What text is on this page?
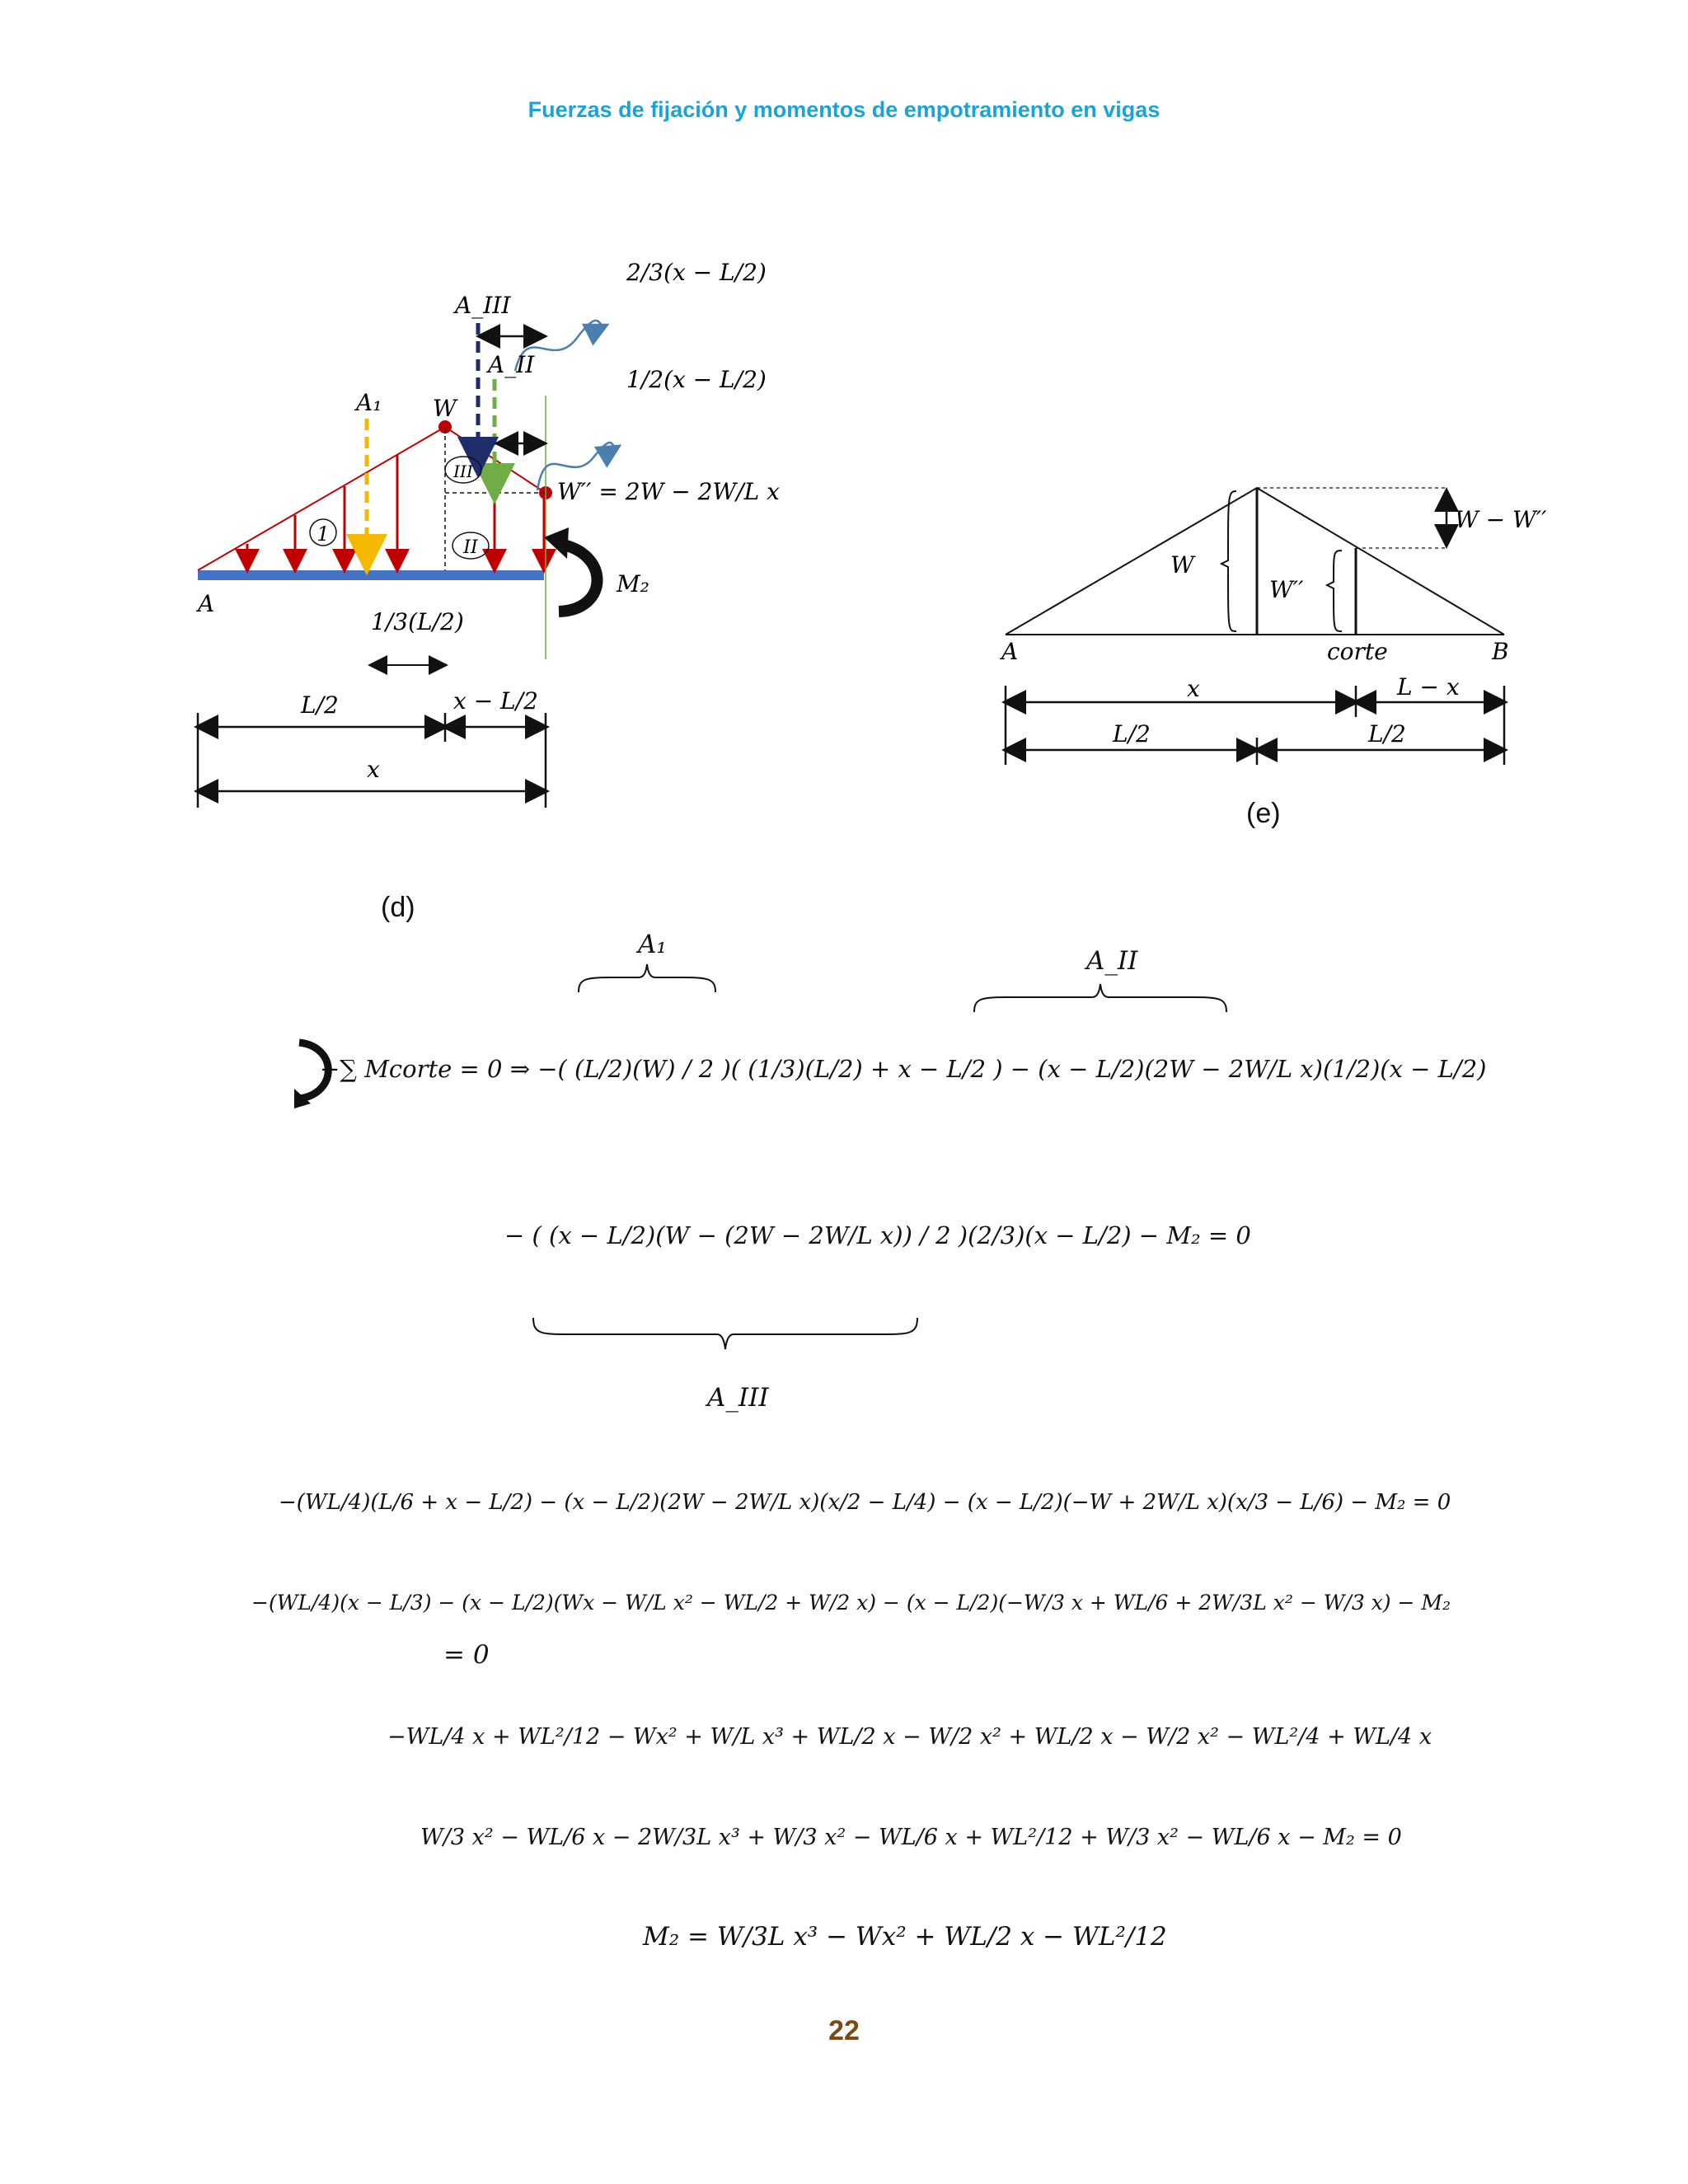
Fuerzas de fijación y momentos de empotramiento en vigas
1
II
III
A₁ W
A_III
A_II
A
M₂
2/3(x − L/2)
1/2(x − L/2)
W′′ = 2W − 2W/L x
1/3(L/2)
L/2	x − L/2
x
(d)
W
W′′
W − W′′
A	B
corte
x	L − x
L/2	L/2
(e)
A₁
A_II
+∑ Mcorte = 0 ⇒ −( (L/2)(W) / 2 )( (1/3)(L/2) + x − L/2 ) − (x − L/2)(2W − 2W/L x)(1/2)(x − L/2)
− ( (x − L/2)(W − (2W − 2W/L x)) / 2 )(2/3)(x − L/2) − M₂ = 0
A_III
−(WL/4)(L/6 + x − L/2) − (x − L/2)(2W − 2W/L x)(x/2 − L/4) − (x − L/2)(−W + 2W/L x)(x/3 − L/6) − M₂ = 0
−(WL/4)(x − L/3) − (x − L/2)(Wx − W/L x² − WL/2 + W/2 x) − (x − L/2)(−W/3 x + WL/6 + 2W/3L x² − W/3 x) − M₂
= 0
−WL/4 x + WL²/12 − Wx² + W/L x³ + WL/2 x − W/2 x² + WL/2 x − W/2 x² − WL²/4 + WL/4 x
W/3 x² − WL/6 x − 2W/3L x³ + W/3 x² − WL/6 x + WL²/12 + W/3 x² − WL/6 x − M₂ = 0
M₂ = W/3L x³ − Wx² + WL/2 x − WL²/12
22
